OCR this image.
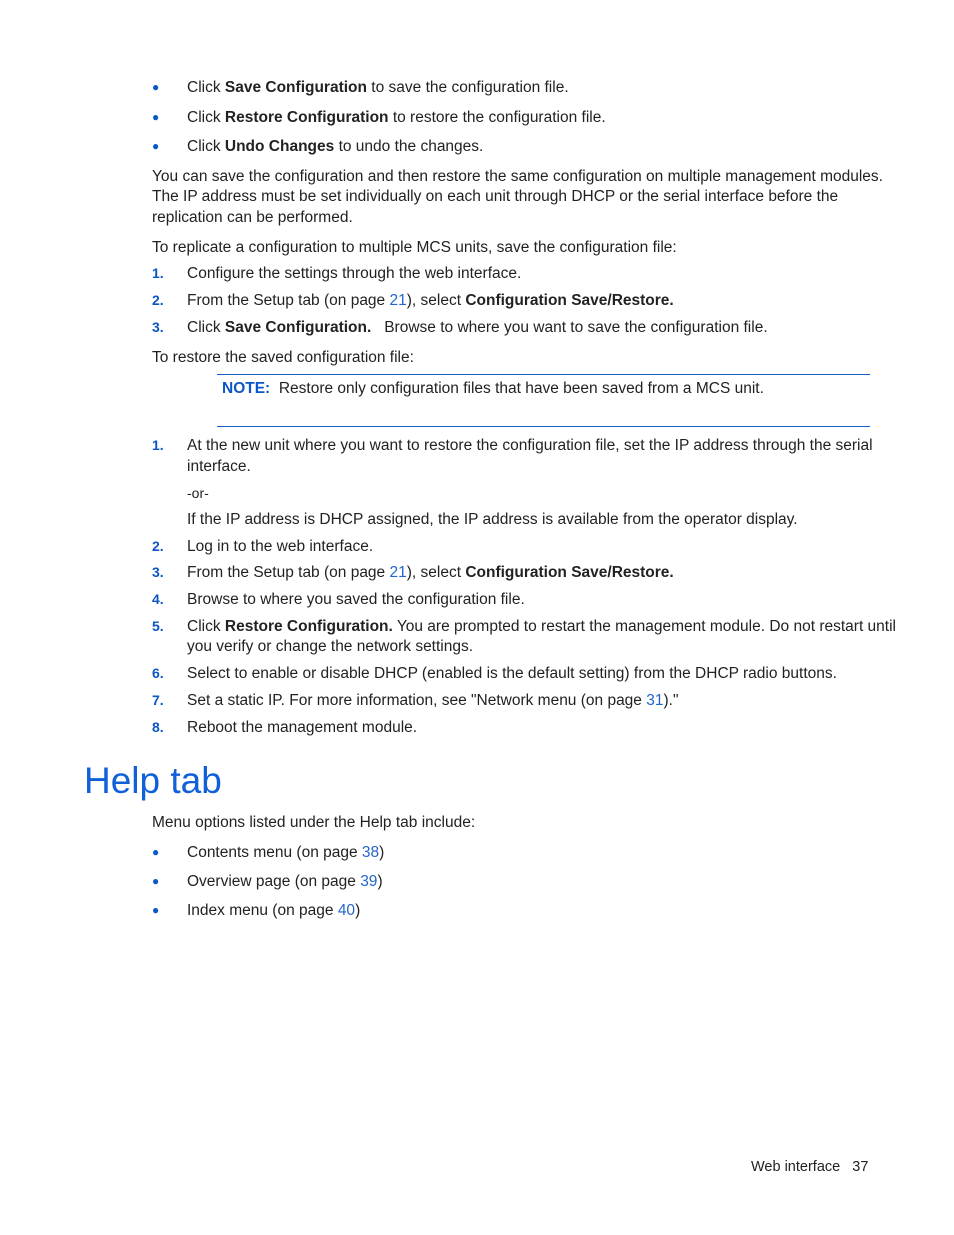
● Click Save Configuration to save the configuration file.
● Click Restore Configuration to restore the configuration file.
● Click Undo Changes to undo the changes.
You can save the configuration and then restore the same configuration on multiple management modules.
The IP address must be set individually on each unit through DHCP or the serial interface before the
replication can be performed.
To replicate a configuration to multiple MCS units, save the configuration file:
1. Configure the settings through the web interface.
2. From the Setup tab (on page 21), select Configuration Save/Restore.
3. Click Save Configuration.   Browse to where you want to save the configuration file.
To restore the saved configuration file:
NOTE: Restore only configuration files that have been saved from a MCS unit.
1. At the new unit where you want to restore the configuration file, set the IP address through the serial
interface.
-or-
If the IP address is DHCP assigned, the IP address is available from the operator display.
2. Log in to the web interface.
3. From the Setup tab (on page 21), select Configuration Save/Restore.
4. Browse to where you saved the configuration file.
5. Click Restore Configuration. You are prompted to restart the management module. Do not restart until
you verify or change the network settings.
6. Select to enable or disable DHCP (enabled is the default setting) from the DHCP radio buttons.
7. Set a static IP. For more information, see "Network menu (on page 31)."
8. Reboot the management module.
Help tab
Menu options listed under the Help tab include:
● Contents menu (on page 38)
● Overview page (on page 39)
● Index menu (on page 40)
Web interface 37
